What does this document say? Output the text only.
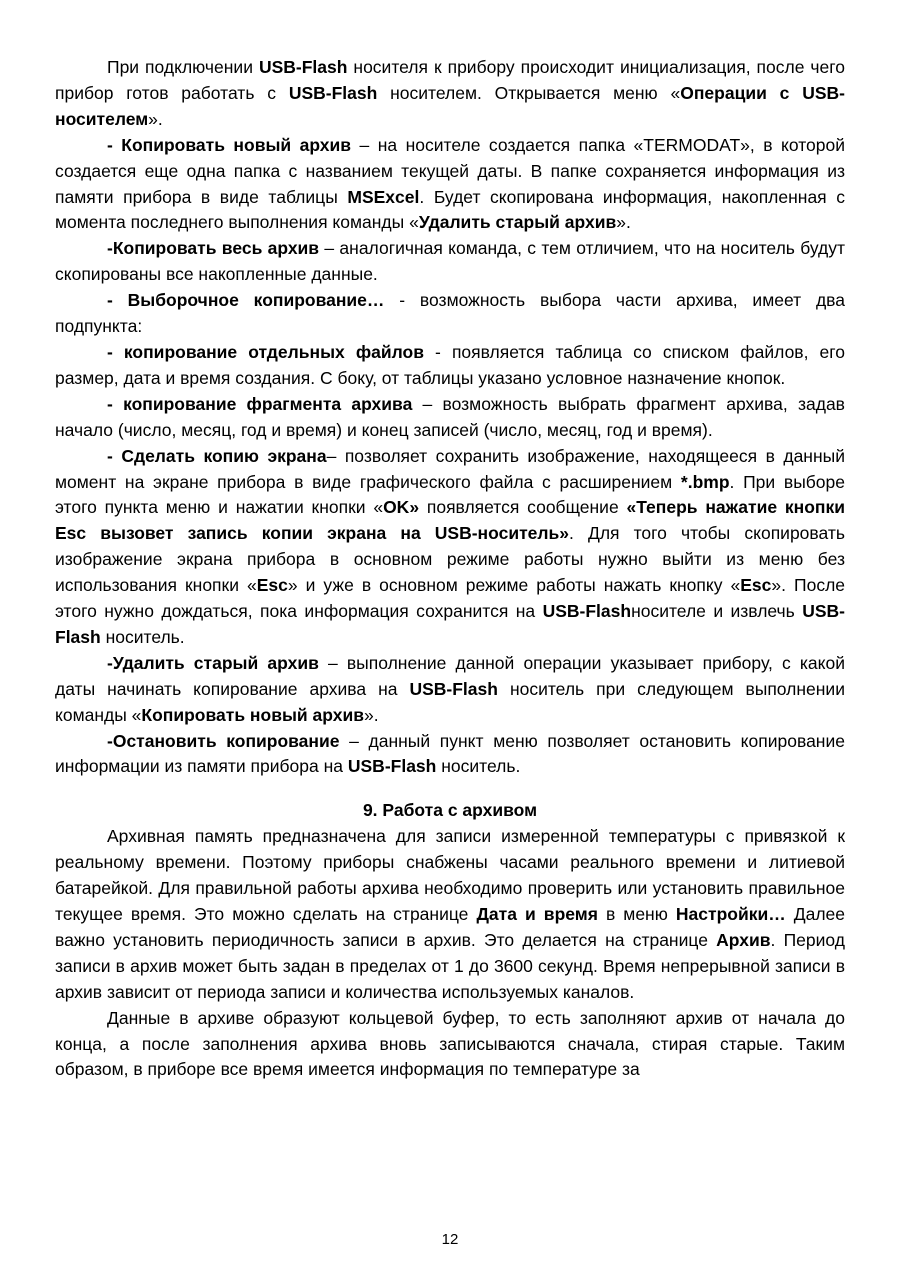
При подключении USB-Flash носителя к прибору происходит инициализация, после чего прибор готов работать с USB-Flash носителем. Открывается меню «Операции с USB-носителем».

- Копировать новый архив – на носителе создается папка «TERMODAT», в которой создается еще одна папка с названием текущей даты. В папке сохраняется информация из памяти прибора в виде таблицы MSExcel. Будет скопирована информация, накопленная с момента последнего выполнения команды «Удалить старый архив».

-Копировать весь архив – аналогичная команда, с тем отличием, что на носитель будут скопированы все накопленные данные.

- Выборочное копирование… - возможность выбора части архива, имеет два подпункта:

- копирование отдельных файлов - появляется таблица со списком файлов, его размер, дата и время создания. С боку, от таблицы указано условное назначение кнопок.

- копирование фрагмента архива – возможность выбрать фрагмент архива, задав начало (число, месяц, год и время) и конец записей (число, месяц, год и время).

- Сделать копию экрана– позволяет сохранить изображение, находящееся в данный момент на экране прибора в виде графического файла с расширением *.bmp. При выборе этого пункта меню и нажатии кнопки «OK» появляется сообщение «Теперь нажатие кнопки Esc вызовет запись копии экрана на USB-носитель». Для того чтобы скопировать изображение экрана прибора в основном режиме работы нужно выйти из меню без использования кнопки «Esc» и уже в основном режиме работы нажать кнопку «Esc». После этого нужно дождаться, пока информация сохранится на USB-Flashносителе и извлечь USB-Flash носитель.

-Удалить старый архив – выполнение данной операции указывает прибору, с какой даты начинать копирование архива на USB-Flash носитель при следующем выполнении команды «Копировать новый архив».

-Остановить копирование – данный пункт меню позволяет остановить копирование информации из памяти прибора на USB-Flash носитель.

9. Работа с архивом

Архивная память предназначена для записи измеренной температуры с привязкой к реальному времени. Поэтому приборы снабжены часами реального времени и литиевой батарейкой. Для правильной работы архива необходимо проверить или установить правильное текущее время. Это можно сделать на странице Дата и время в меню Настройки… Далее важно установить периодичность записи в архив. Это делается на странице Архив. Период записи в архив может быть задан в пределах от 1 до 3600 секунд. Время непрерывной записи в архив зависит от периода записи и количества используемых каналов.

Данные в архиве образуют кольцевой буфер, то есть заполняют архив от начала до конца, а после заполнения архива вновь записываются сначала, стирая старые. Таким образом, в приборе все время имеется информация по температуре за

12
